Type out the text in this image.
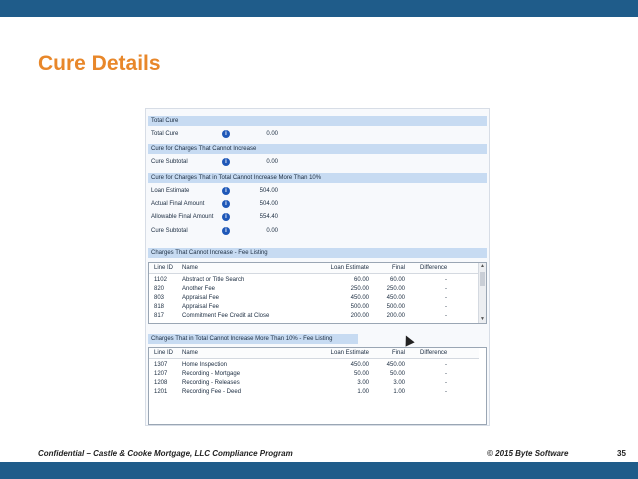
Cure Details
Total Cure
Total Cure	i	0.00
Cure for Charges That Cannot Increase
Cure Subtotal	i	0.00
Cure for Charges That in Total Cannot Increase More Than 10%
Loan Estimate	i	504.00
Actual Final Amount	i	504.00
Allowable Final Amount	i	554.40
Cure Subtotal	i	0.00
Charges That Cannot Increase - Fee Listing
Line ID Name	Loan Estimate	Final	Difference
1102	Abstract or Title Search	60.00	60.00	-
820	Another Fee	250.00	250.00	-
803	Appraisal Fee	450.00	450.00	-
818	Appraisal Fee	500.00	500.00	-
817	Commitment Fee Credit at Close	200.00	200.00	-
▲
▼
Charges That in Total Cannot Increase More Than 10% - Fee Listing
Line ID Name	Loan Estimate	Final	Difference
1307 Home Inspection	450.00	450.00	-
1207 Recording - Mortgage	50.00	50.00	-
1208 Recording - Releases	3.00	3.00	-
1201 Recording Fee - Deed	1.00	1.00	-
Confidential – Castle & Cooke Mortgage, LLC Compliance Program	© 2015 Byte Software	35
